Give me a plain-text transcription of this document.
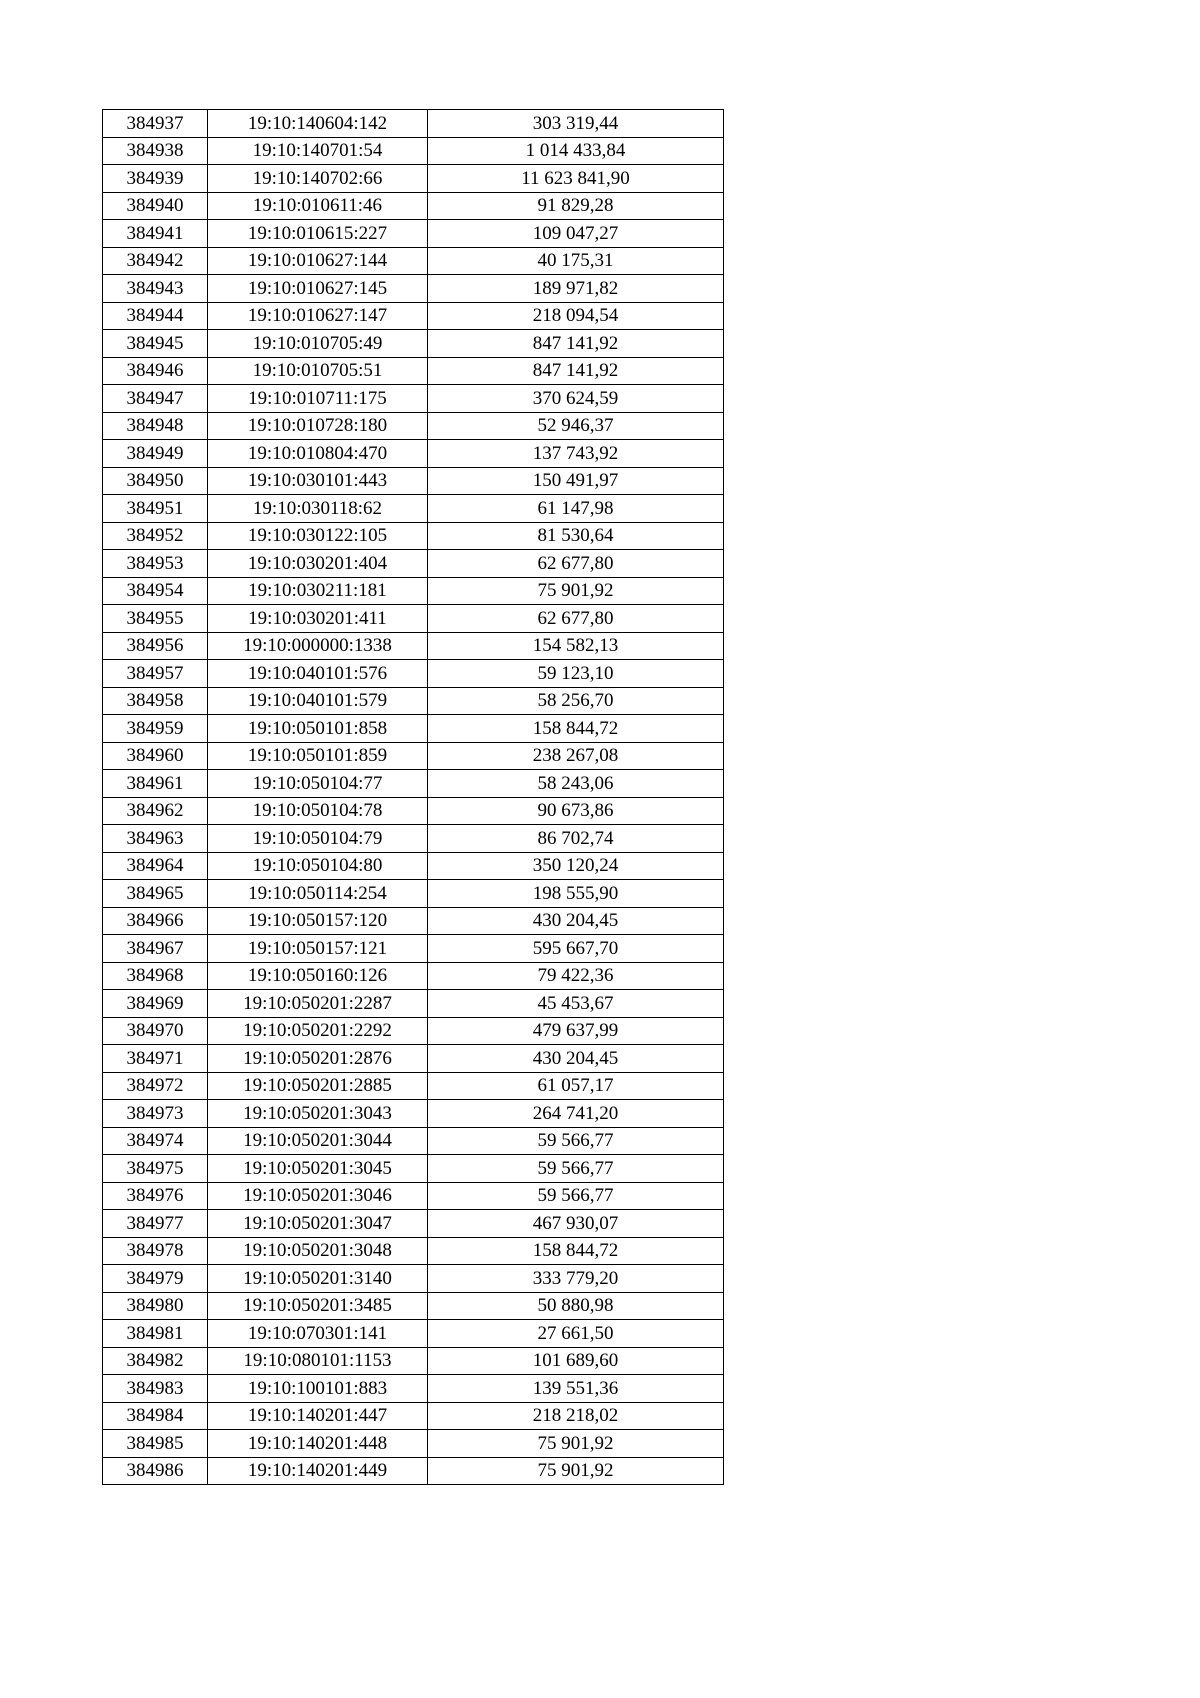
384937	19:10:140604:142	303 319,44
384938	19:10:140701:54	1 014 433,84
384939	19:10:140702:66	11 623 841,90
384940	19:10:010611:46	91 829,28
384941	19:10:010615:227	109 047,27
384942	19:10:010627:144	40 175,31
384943	19:10:010627:145	189 971,82
384944	19:10:010627:147	218 094,54
384945	19:10:010705:49	847 141,92
384946	19:10:010705:51	847 141,92
384947	19:10:010711:175	370 624,59
384948	19:10:010728:180	52 946,37
384949	19:10:010804:470	137 743,92
384950	19:10:030101:443	150 491,97
384951	19:10:030118:62	61 147,98
384952	19:10:030122:105	81 530,64
384953	19:10:030201:404	62 677,80
384954	19:10:030211:181	75 901,92
384955	19:10:030201:411	62 677,80
384956	19:10:000000:1338	154 582,13
384957	19:10:040101:576	59 123,10
384958	19:10:040101:579	58 256,70
384959	19:10:050101:858	158 844,72
384960	19:10:050101:859	238 267,08
384961	19:10:050104:77	58 243,06
384962	19:10:050104:78	90 673,86
384963	19:10:050104:79	86 702,74
384964	19:10:050104:80	350 120,24
384965	19:10:050114:254	198 555,90
384966	19:10:050157:120	430 204,45
384967	19:10:050157:121	595 667,70
384968	19:10:050160:126	79 422,36
384969	19:10:050201:2287	45 453,67
384970	19:10:050201:2292	479 637,99
384971	19:10:050201:2876	430 204,45
384972	19:10:050201:2885	61 057,17
384973	19:10:050201:3043	264 741,20
384974	19:10:050201:3044	59 566,77
384975	19:10:050201:3045	59 566,77
384976	19:10:050201:3046	59 566,77
384977	19:10:050201:3047	467 930,07
384978	19:10:050201:3048	158 844,72
384979	19:10:050201:3140	333 779,20
384980	19:10:050201:3485	50 880,98
384981	19:10:070301:141	27 661,50
384982	19:10:080101:1153	101 689,60
384983	19:10:100101:883	139 551,36
384984	19:10:140201:447	218 218,02
384985	19:10:140201:448	75 901,92
384986	19:10:140201:449	75 901,92
